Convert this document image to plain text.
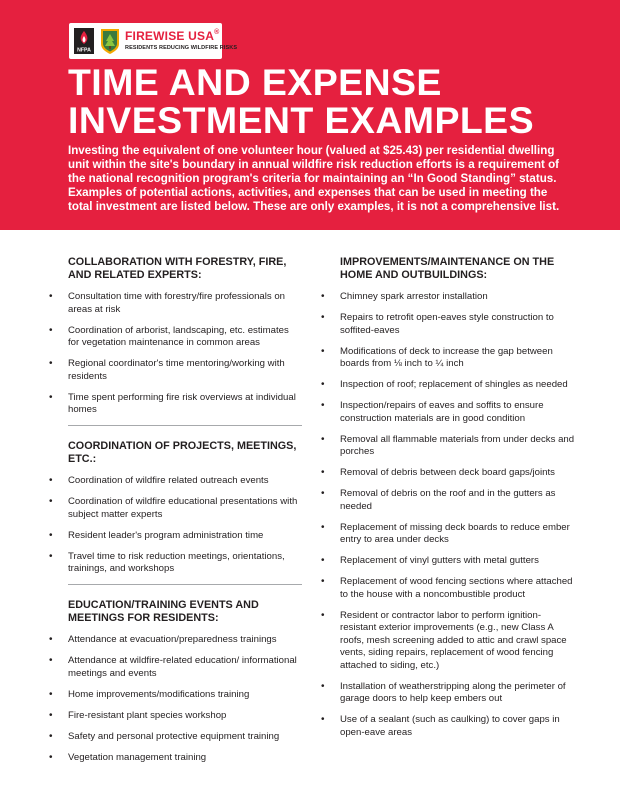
NFPA
FIREWISE USA®
RESIDENTS REDUCING WILDFIRE RISKS
TIME AND EXPENSE
INVESTMENT EXAMPLES

Investing the equivalent of one volunteer hour (valued at $25.43) per residential dwelling unit within the site's boundary in annual wildfire risk reduction efforts is a requirement of the national recognition program's criteria for maintaining an “In Good Standing” status. Examples of potential actions, activities, and expenses that can be used in meeting the total investment are listed below. These are only examples, it is not a comprehensive list.

COLLABORATION WITH FORESTRY, FIRE, AND RELATED EXPERTS:
•	Consultation time with forestry/fire professionals on areas at risk
•	Coordination of arborist, landscaping, etc. estimates for vegetation maintenance in common areas
•	Regional coordinator's time mentoring/working with residents
•	Time spent performing fire risk overviews at individual homes
COORDINATION OF PROJECTS, MEETINGS, ETC.:
•	Coordination of wildfire related outreach events
•	Coordination of wildfire educational presentations with subject matter experts
•	Resident leader's program administration time
•	Travel time to risk reduction meetings, orientations, trainings, and workshops
EDUCATION/TRAINING EVENTS AND MEETINGS FOR RESIDENTS:
•	Attendance at evacuation/preparedness trainings
•	Attendance at wildfire-related education/ informational meetings and events
•	Home improvements/modifications training
•	Fire-resistant plant species workshop
•	Safety and personal protective equipment training
•	Vegetation management training
IMPROVEMENTS/MAINTENANCE ON THE HOME AND OUTBUILDINGS:
•	Chimney spark arrestor installation
•	Repairs to retrofit open-eaves style construction to soffited-eaves
•	Modifications of deck to increase the gap between boards from ⅛ inch to ¼ inch
•	Inspection of roof; replacement of shingles as needed
•	Inspection/repairs of eaves and soffits to ensure construction materials are in good condition
•	Removal all flammable materials from under decks and porches
•	Removal of debris between deck board gaps/joints
•	Removal of debris on the roof and in the gutters as needed
•	Replacement of missing deck boards to reduce ember entry to area under decks
•	Replacement of vinyl gutters with metal gutters
•	Replacement of wood fencing sections where attached to the house with a noncombustible product
•	Resident or contractor labor to perform ignition-resistant exterior improvements (e.g., new Class A roofs, mesh screening added to attic and crawl space vents, siding repairs, replacement of wood fencing attached to siding, etc.)
•	Installation of weatherstripping along the perimeter of garage doors to help keep embers out
•	Use of a sealant (such as caulking) to cover gaps in open-eave areas
